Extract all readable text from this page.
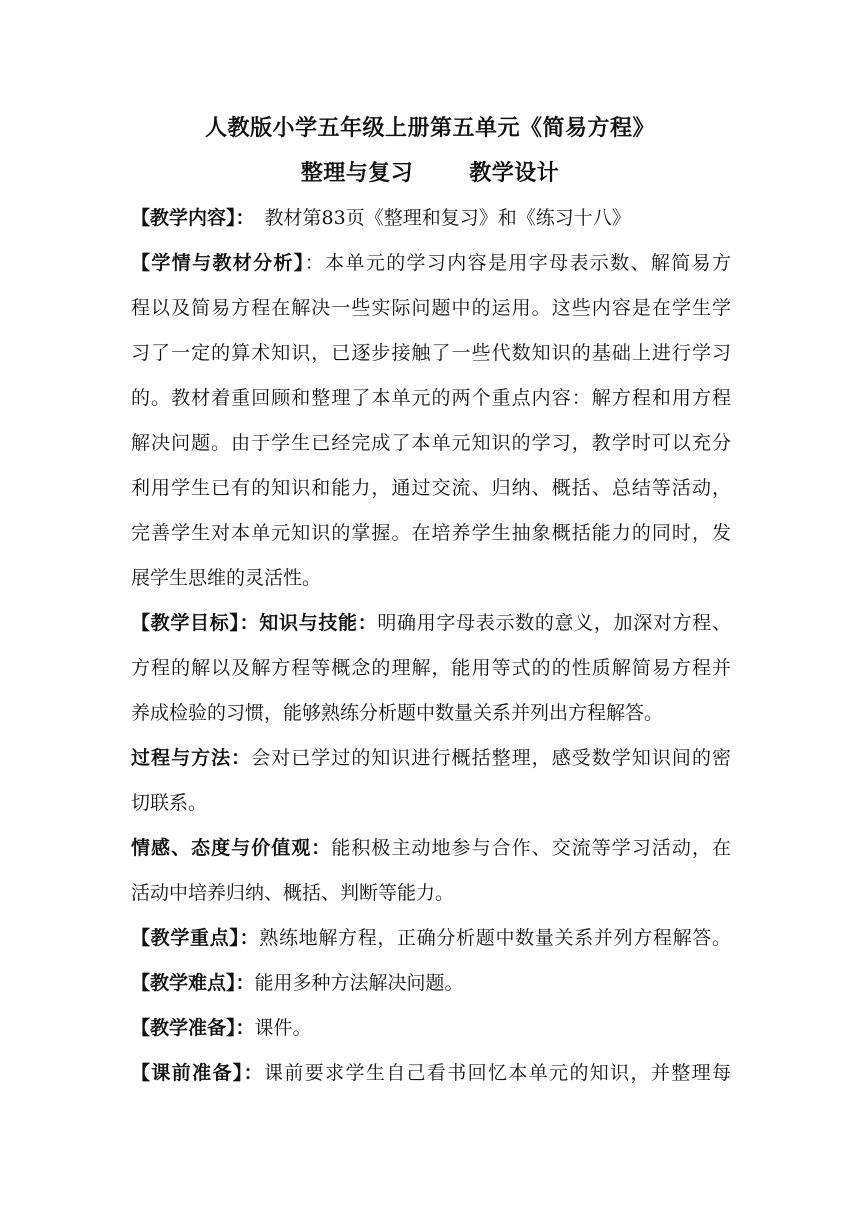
人教版小学五年级上册第五单元《简易方程》
整理与复习	教学设计
【教学内容】： 教材第83页《整理和复习》和《练习十八》
【学情与教材分析】：本单元的学习内容是用字母表示数、解简易方
程以及简易方程在解决一些实际问题中的运用。这些内容是在学生学
习了一定的算术知识，已逐步接触了一些代数知识的基础上进行学习
的。教材着重回顾和整理了本单元的两个重点内容：解方程和用方程
解决问题。由于学生已经完成了本单元知识的学习，教学时可以充分
利用学生已有的知识和能力，通过交流、归纳、概括、总结等活动，
完善学生对本单元知识的掌握。在培养学生抽象概括能力的同时，发
展学生思维的灵活性。
【教学目标】：知识与技能：明确用字母表示数的意义，加深对方程、
方程的解以及解方程等概念的理解，能用等式的的性质解简易方程并
养成检验的习惯，能够熟练分析题中数量关系并列出方程解答。
过程与方法：会对已学过的知识进行概括整理，感受数学知识间的密
切联系。
情感、态度与价值观：能积极主动地参与合作、交流等学习活动，在
活动中培养归纳、概括、判断等能力。
【教学重点】：熟练地解方程，正确分析题中数量关系并列方程解答。
【教学难点】：能用多种方法解决问题。
【教学准备】：课件。
【课前准备】：课前要求学生自己看书回忆本单元的知识，并整理每
